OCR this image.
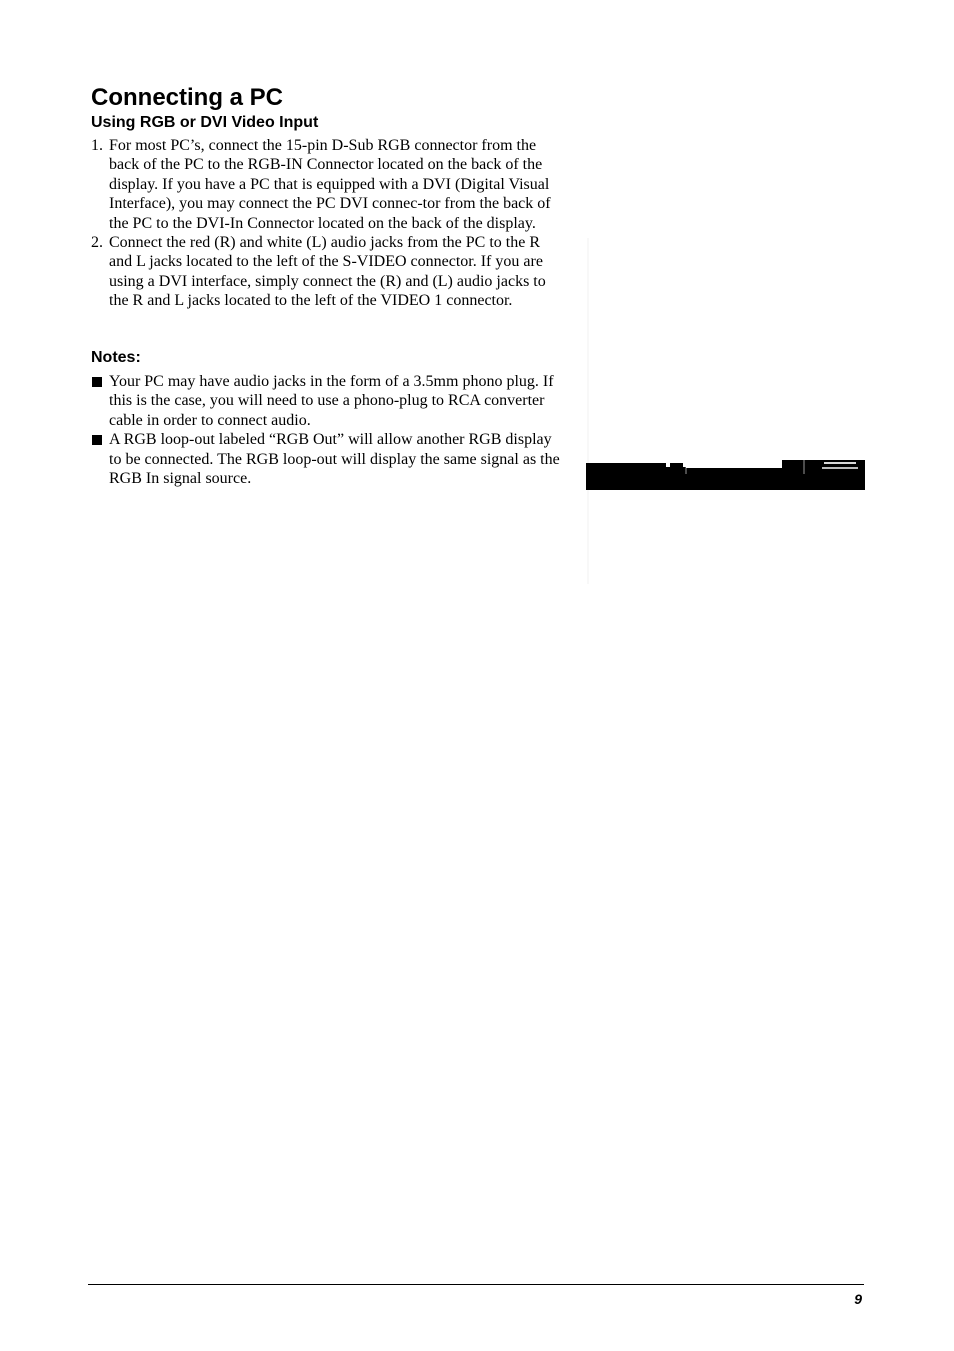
Connecting a PC
Using RGB or DVI Video Input
1. For most PC’s, connect the 15-pin D-Sub RGB connector from the back of the PC to the RGB-IN Connector located on the back of the display. If you have a PC that is equipped with a DVI (Digital Visual Interface), you may connect the PC DVI connec-tor from the back of the PC to the DVI-In Connector located on the back of the display.
2. Connect the red (R) and white (L) audio jacks from the PC to the R and L jacks located to the left of the S-VIDEO connector. If you are using a DVI interface, simply connect the (R) and (L) audio jacks to the R and L jacks located to the left of the VIDEO 1 connector.
Notes:
Your PC may have audio jacks in the form of a 3.5mm phono plug. If this is the case, you will need to use a phono-plug to RCA converter cable in order to connect audio.
A RGB loop-out labeled “RGB Out” will allow another RGB display to be connected. The RGB loop-out will display the same signal as the RGB In signal source.
9
